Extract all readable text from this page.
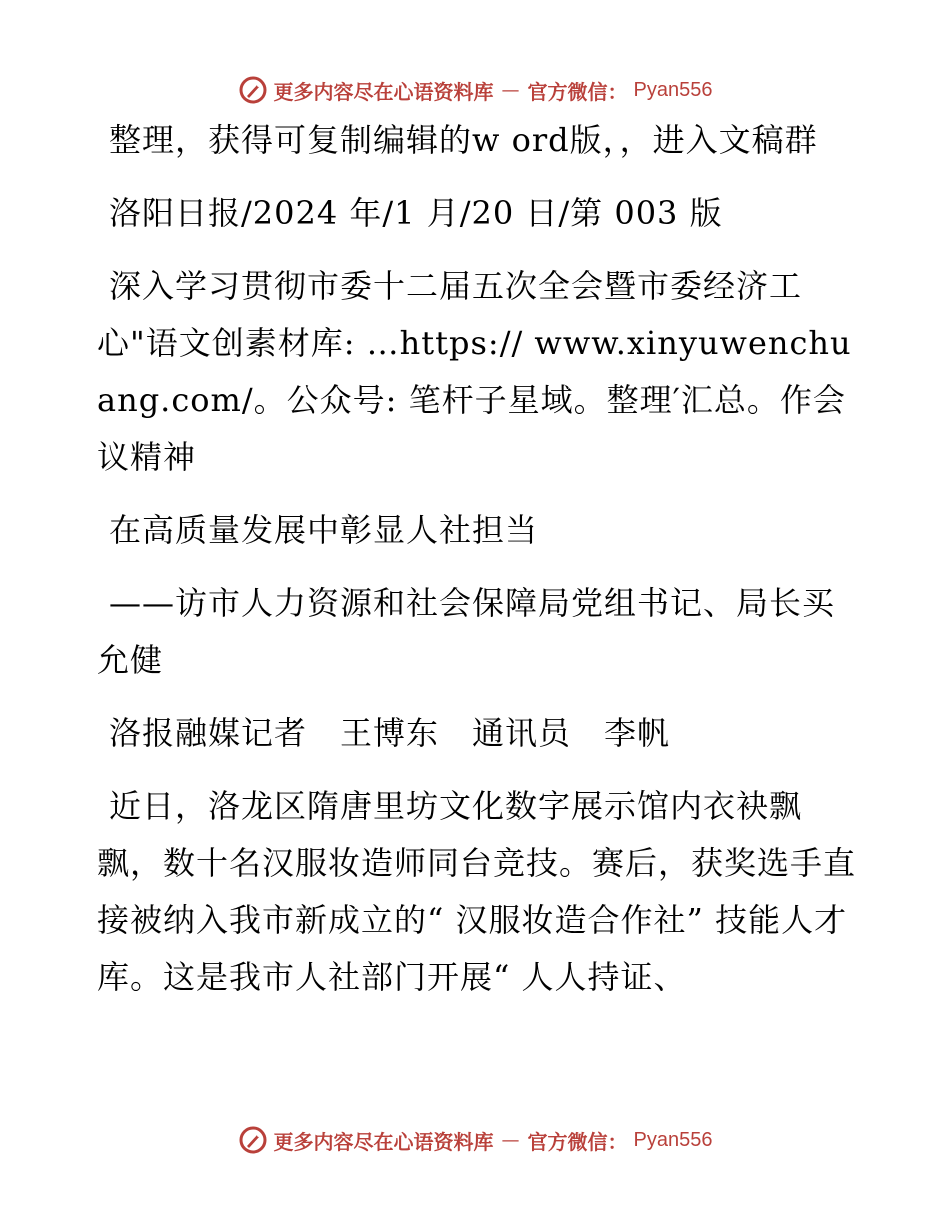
更多内容尽在心语资料库 — 官方微信： Pyan556

整理，获得可复制编辑的w ord版，，进入文稿群

洛阳日报/2024 年/1 月/20 日/第 003 版

深入学习贯彻市委十二届五次全会暨市委经济工心"语文创素材库: …https:// www.xinyuwenchuang.com/。公众号: 笔杆子星域。整理′汇总。作会议精神

在高质量发展中彰显人社担当

——访市人力资源和社会保障局党组书记、局长买允健

洛报融媒记者　王博东　通讯员　李帆

近日，洛龙区隋唐里坊文化数字展示馆内衣袂飘飘，数十名汉服妆造师同台竞技。赛后，获奖选手直接被纳入我市新成立的“ 汉服妆造合作社” 技能人才库。这是我市人社部门开展“ 人人持证、

更多内容尽在心语资料库 — 官方微信： Pyan556
